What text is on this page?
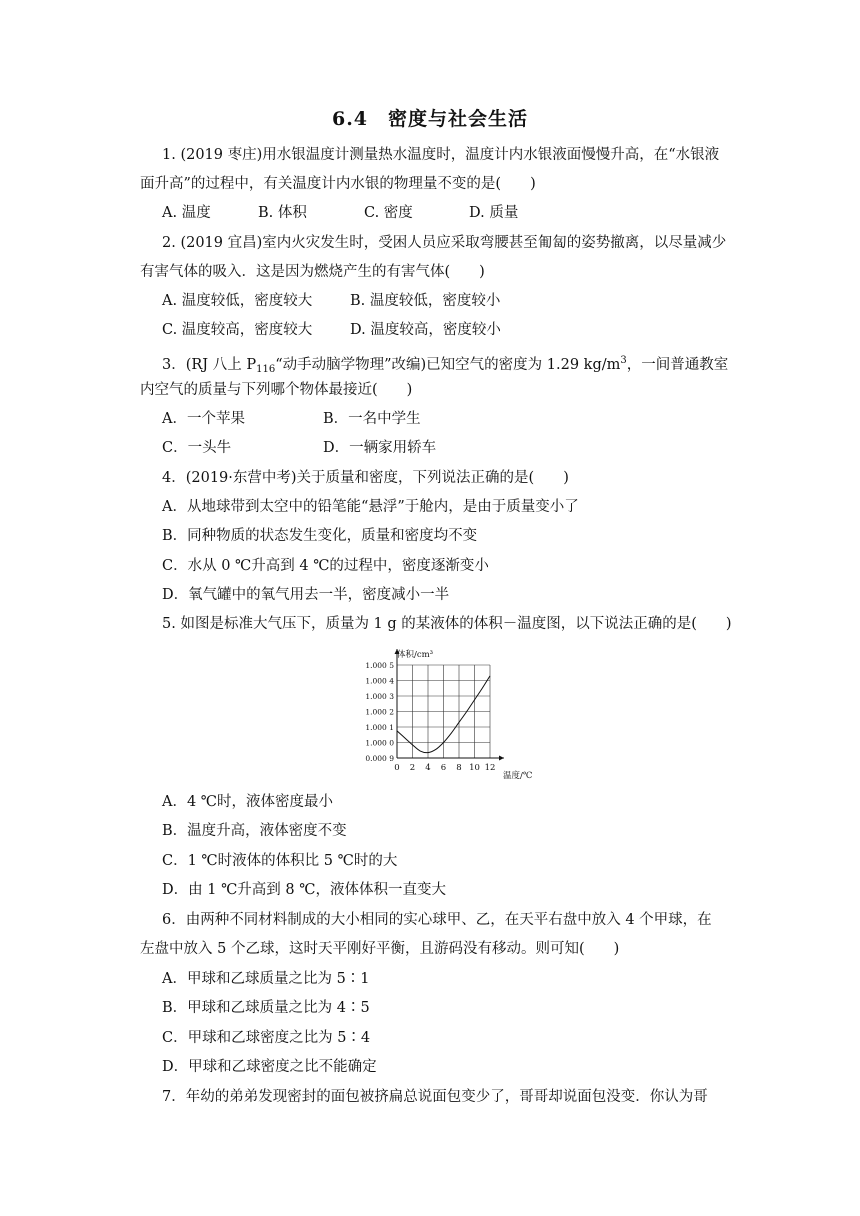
6.4　密度与社会生活
1. (2019 枣庄)用水银温度计测量热水温度时，温度计内水银液面慢慢升高，在“水银液
面升高”的过程中，有关温度计内水银的物理量不变的是(　　)
A. 温度	B. 体积	C. 密度	D. 质量
2. (2019 宜昌)室内火灾发生时，受困人员应采取弯腰甚至匍匐的姿势撤离，以尽量减少
有害气体的吸入．这是因为燃烧产生的有害气体(　　)
A. 温度较低，密度较大	B. 温度较低，密度较小
C. 温度较高，密度较大	D. 温度较高，密度较小
3．(RJ 八上 $P_{116}“$动手动脑学物理”改编)已知空气的密度为 1.29 $kg/m^3$，一间普通教室
内空气的质量与下列哪个物体最接近(　　)
A．一个苹果	B．一名中学生
C．一头牛	D．一辆家用轿车
4．(2019·东营中考)关于质量和密度，下列说法正确的是(　　)
A．从地球带到太空中的铅笔能“悬浮”于舱内，是由于质量变小了
B．同种物质的状态发生变化，质量和密度均不变
C．水从 0 ℃升高到 4 ℃的过程中，密度逐渐变小
D．氧气罐中的氧气用去一半，密度减小一半
5. 如图是标准大气压下，质量为 1 g 的某液体的体积－温度图，以下说法正确的是(　　)
0 2 4 6 8 10 12
0.000 9
1.000 0
1.000 1
1.000 2
1.000 3
1.000 4
1.000 5
体积/cm³
温度/℃
A．4 ℃时，液体密度最小
B．温度升高，液体密度不变
C．1 ℃时液体的体积比 5 ℃时的大
D．由 1 ℃升高到 8 ℃，液体体积一直变大
6．由两种不同材料制成的大小相同的实心球甲、乙，在天平右盘中放入 4 个甲球，在
左盘中放入 5 个乙球，这时天平刚好平衡，且游码没有移动。则可知(　　)
A．甲球和乙球质量之比为 5∶1
B．甲球和乙球质量之比为 4∶5
C．甲球和乙球密度之比为 5∶4
D．甲球和乙球密度之比不能确定
7．年幼的弟弟发现密封的面包被挤扁总说面包变少了，哥哥却说面包没变．你认为哥
